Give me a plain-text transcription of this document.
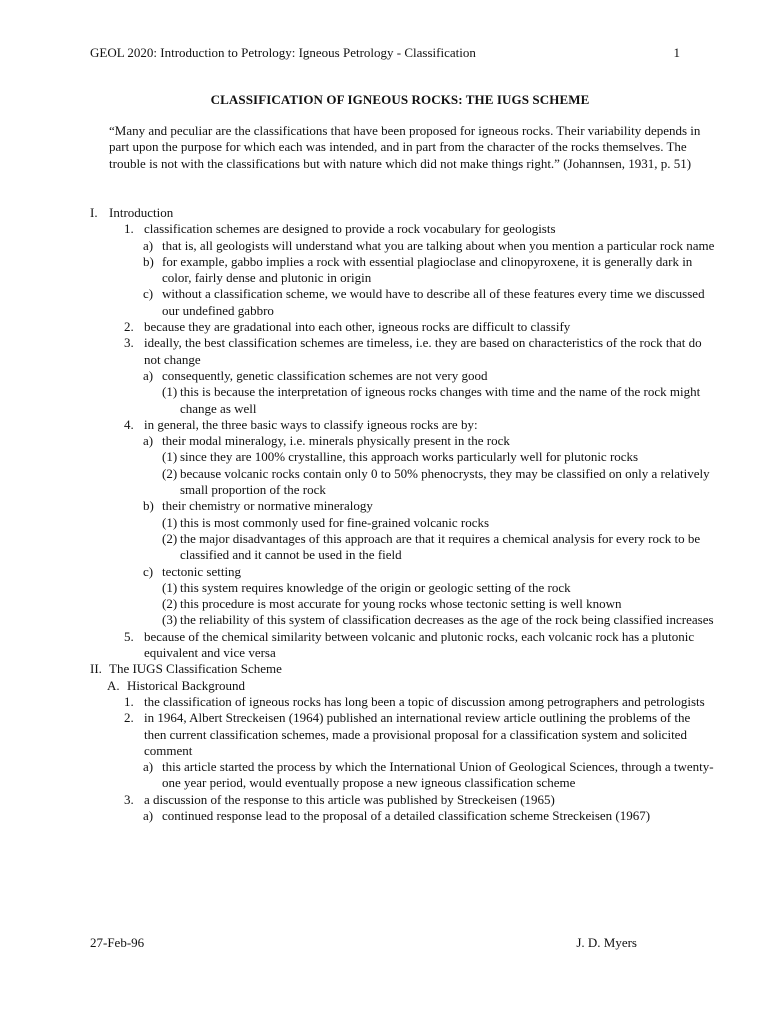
GEOL 2020: Introduction to Petrology: Igneous Petrology - Classification	1
CLASSIFICATION OF IGNEOUS ROCKS: THE IUGS SCHEME
“Many and peculiar are the classifications that have been proposed for igneous rocks. Their variability depends in part upon the purpose for which each was intended, and in part from the character of the rocks themselves. The trouble is not with the classifications but with nature which did not make things right.” (Johannsen, 1931, p. 51)
I. Introduction
1. classification schemes are designed to provide a rock vocabulary for geologists
a) that is, all geologists will understand what you are talking about when you mention a particular rock name
b) for example, gabbo implies a rock with essential plagioclase and clinopyroxene, it is generally dark in color, fairly dense and plutonic in origin
c) without a classification scheme, we would have to describe all of these features every time we discussed our undefined gabbro
2. because they are gradational into each other, igneous rocks are difficult to classify
3. ideally, the best classification schemes are timeless, i.e. they are based on characteristics of the rock that do not change
a) consequently, genetic classification schemes are not very good
(1) this is because the interpretation of igneous rocks changes with time and the name of the rock might change as well
4. in general, the three basic ways to classify igneous rocks are by:
a) their modal mineralogy, i.e. minerals physically present in the rock
(1) since they are 100% crystalline, this approach works particularly well for plutonic rocks
(2) because volcanic rocks contain only 0 to 50% phenocrysts, they may be classified on only a relatively small proportion of the rock
b) their chemistry or normative mineralogy
(1) this is most commonly used for fine-grained volcanic rocks
(2) the major disadvantages of this approach are that it requires a chemical analysis for every rock to be classified and it cannot be used in the field
c) tectonic setting
(1) this system requires knowledge of the origin or geologic setting of the rock
(2) this procedure is most accurate for young rocks whose tectonic setting is well known
(3) the reliability of this system of classification decreases as the age of the rock being classified increases
5. because of the chemical similarity between volcanic and plutonic rocks, each volcanic rock has a plutonic equivalent and vice versa
II. The IUGS Classification Scheme
A. Historical Background
1. the classification of igneous rocks has long been a topic of discussion among petrographers and petrologists
2. in 1964, Albert Streckeisen (1964) published an international review article outlining the problems of the then current classification schemes, made a provisional proposal for a classification system and solicited comment
a) this article started the process by which the International Union of Geological Sciences, through a twenty-one year period, would eventually propose a new igneous classification scheme
3. a discussion of the response to this article was published by Streckeisen (1965)
a) continued response lead to the proposal of a detailed classification scheme Streckeisen (1967)
27-Feb-96	J. D. Myers
